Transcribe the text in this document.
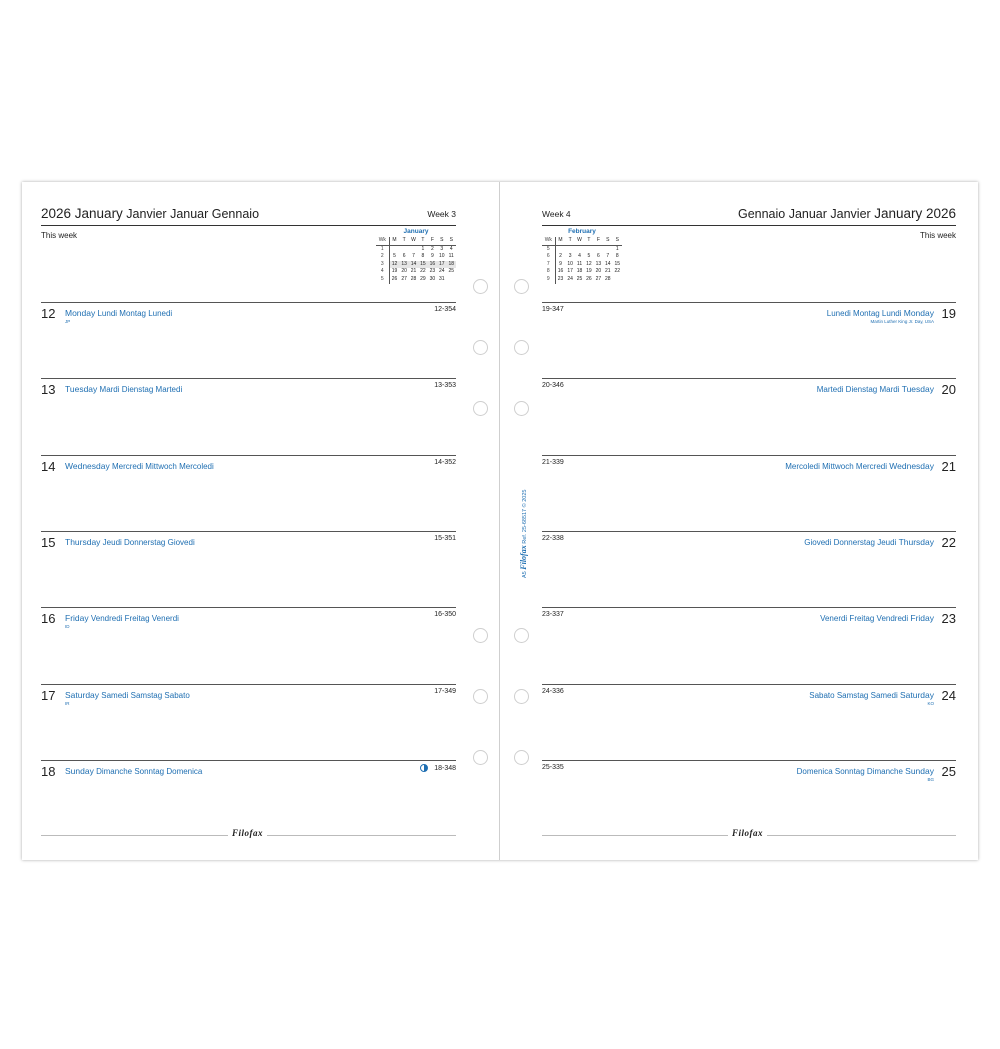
2026 January Janvier Januar Gennaio	Week 3
This week	January
Wk	M	T	W	T	F	S	S
1				1	2	3	4
2	5	6	7	8	9	10	11
3	12	13	14	15	16	17	18
4	19	20	21	22	23	24	25
5	26	27	28	29	30	31	
12 Monday Lundi Montag Lunedi	12-354
JP
13 Tuesday Mardi Dienstag Martedi	13-353
14 Wednesday Mercredi Mittwoch Mercoledi	14-352
15 Thursday Jeudi Donnerstag Giovedi	15-351
16 Friday Vendredi Freitag Venerdi	16-350
ID
17 Saturday Samedi Samstag Sabato	17-349
IR
18 Sunday Dimanche Sonntag Domenica	18-348
Filofax
Week 4	Gennaio Januar Janvier January 2026
This week
February
Wk	M	T	W	T	F	S	S
5							1
6	2	3	4	5	6	7	8
7	9	10	11	12	13	14	15
8	16	17	18	19	20	21	22
9	23	24	25	26	27	28	
19
Lunedi Montag Lundi Monday
19-347
Martin Luther King Jr. Day, USA
20
Martedi Dienstag Mardi Tuesday
20-346
21
Mercoledi Mittwoch Mercredi Wednesday
21-339
22
Giovedi Donnerstag Jeudi Thursday
22-338
23
Venerdi Freitag Vendredi Friday
23-337
24
Sabato Samstag Samedi Saturday
24-336
KO
25
Domenica Sonntag Dimanche Sunday
25-335
BG
Filofax
A5 Filofax Ref. 25-68517 © 2025
